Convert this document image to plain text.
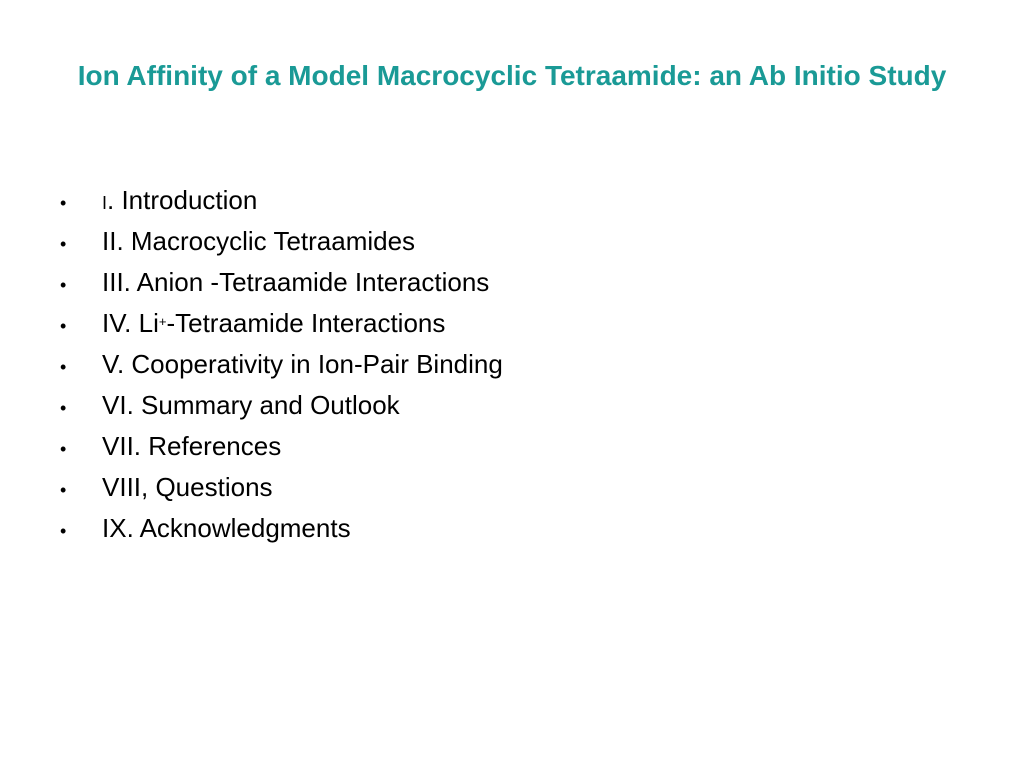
Ion Affinity of a Model Macrocyclic Tetraamide: an Ab Initio Study
•	I. Introduction
•	II. Macrocyclic Tetraamides
•	III. Anion -Tetraamide Interactions
•	IV. Li+-Tetraamide Interactions
•	V. Cooperativity in Ion-Pair Binding
•	VI. Summary and Outlook
•	VII. References
•	VIII, Questions
•	IX. Acknowledgments
